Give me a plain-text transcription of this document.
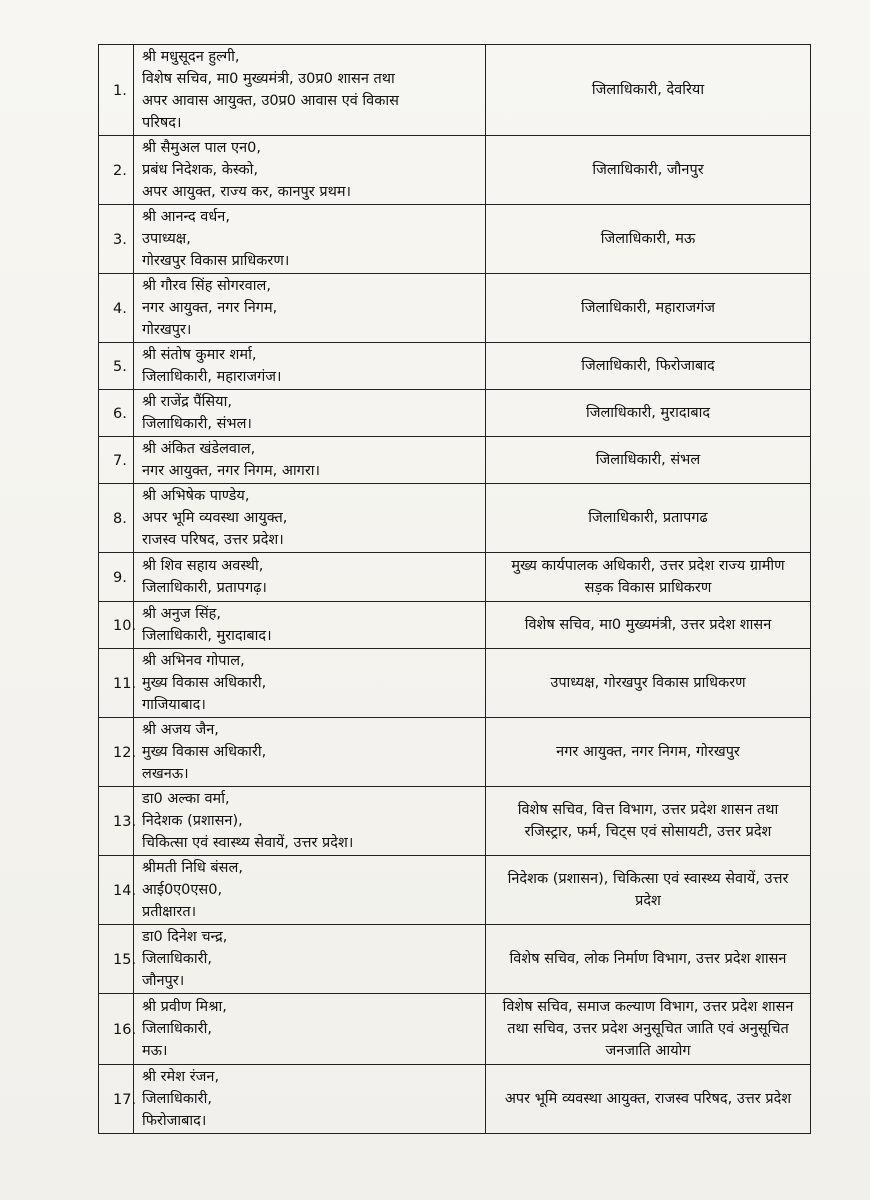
1.	श्री मधुसूदन हुल्गी,
विशेष सचिव, मा0 मुख्यमंत्री, उ0प्र0 शासन तथा
अपर आवास आयुक्त, उ0प्र0 आवास एवं विकास
परिषद।	जिलाधिकारी, देवरिया
2.	श्री सैमुअल पाल एन0,
प्रबंध निदेशक, केस्को,
अपर आयुक्त, राज्य कर, कानपुर प्रथम।	जिलाधिकारी, जौनपुर
3.	श्री आनन्द वर्धन,
उपाध्यक्ष,
गोरखपुर विकास प्राधिकरण।	जिलाधिकारी, मऊ
4.	श्री गौरव सिंह सोगरवाल,
नगर आयुक्त, नगर निगम,
गोरखपुर।	जिलाधिकारी, महाराजगंज
5.	श्री संतोष कुमार शर्मा,
जिलाधिकारी, महाराजगंज।	जिलाधिकारी, फिरोजाबाद
6.	श्री राजेंद्र पैंसिया,
जिलाधिकारी, संभल।	जिलाधिकारी, मुरादाबाद
7.	श्री अंकित खंडेलवाल,
नगर आयुक्त, नगर निगम, आगरा।	जिलाधिकारी, संभल
8.	श्री अभिषेक पाण्डेय,
अपर भूमि व्यवस्था आयुक्त,
राजस्व परिषद, उत्तर प्रदेश।	जिलाधिकारी, प्रतापगढ
9.	श्री शिव सहाय अवस्थी,
जिलाधिकारी, प्रतापगढ़।	मुख्य कार्यपालक अधिकारी, उत्तर प्रदेश राज्य ग्रामीण सड़क विकास प्राधिकरण
10.	श्री अनुज सिंह,
जिलाधिकारी, मुरादाबाद।	विशेष सचिव, मा0 मुख्यमंत्री, उत्तर प्रदेश शासन
11.	श्री अभिनव गोपाल,
मुख्य विकास अधिकारी,
गाजियाबाद।	उपाध्यक्ष, गोरखपुर विकास प्राधिकरण
12.	श्री अजय जैन,
मुख्य विकास अधिकारी,
लखनऊ।	नगर आयुक्त, नगर निगम, गोरखपुर
13.	डा0 अल्का वर्मा,
निदेशक (प्रशासन),
चिकित्सा एवं स्वास्थ्य सेवायें, उत्तर प्रदेश।	विशेष सचिव, वित्त विभाग, उत्तर प्रदेश शासन तथा रजिस्ट्रार, फर्म, चिट्स एवं सोसायटी, उत्तर प्रदेश
14.	श्रीमती निधि बंसल,
आई0ए0एस0,
प्रतीक्षारत।	निदेशक (प्रशासन), चिकित्सा एवं स्वास्थ्य सेवायें, उत्तर प्रदेश
15.	डा0 दिनेश चन्द्र,
जिलाधिकारी,
जौनपुर।	विशेष सचिव, लोक निर्माण विभाग, उत्तर प्रदेश शासन
16.	श्री प्रवीण मिश्रा,
जिलाधिकारी,
मऊ।	विशेष सचिव, समाज कल्याण विभाग, उत्तर प्रदेश शासन तथा सचिव, उत्तर प्रदेश अनुसूचित जाति एवं अनुसूचित जनजाति आयोग
17.	श्री रमेश रंजन,
जिलाधिकारी,
फिरोजाबाद।	अपर भूमि व्यवस्था आयुक्त, राजस्व परिषद, उत्तर प्रदेश
